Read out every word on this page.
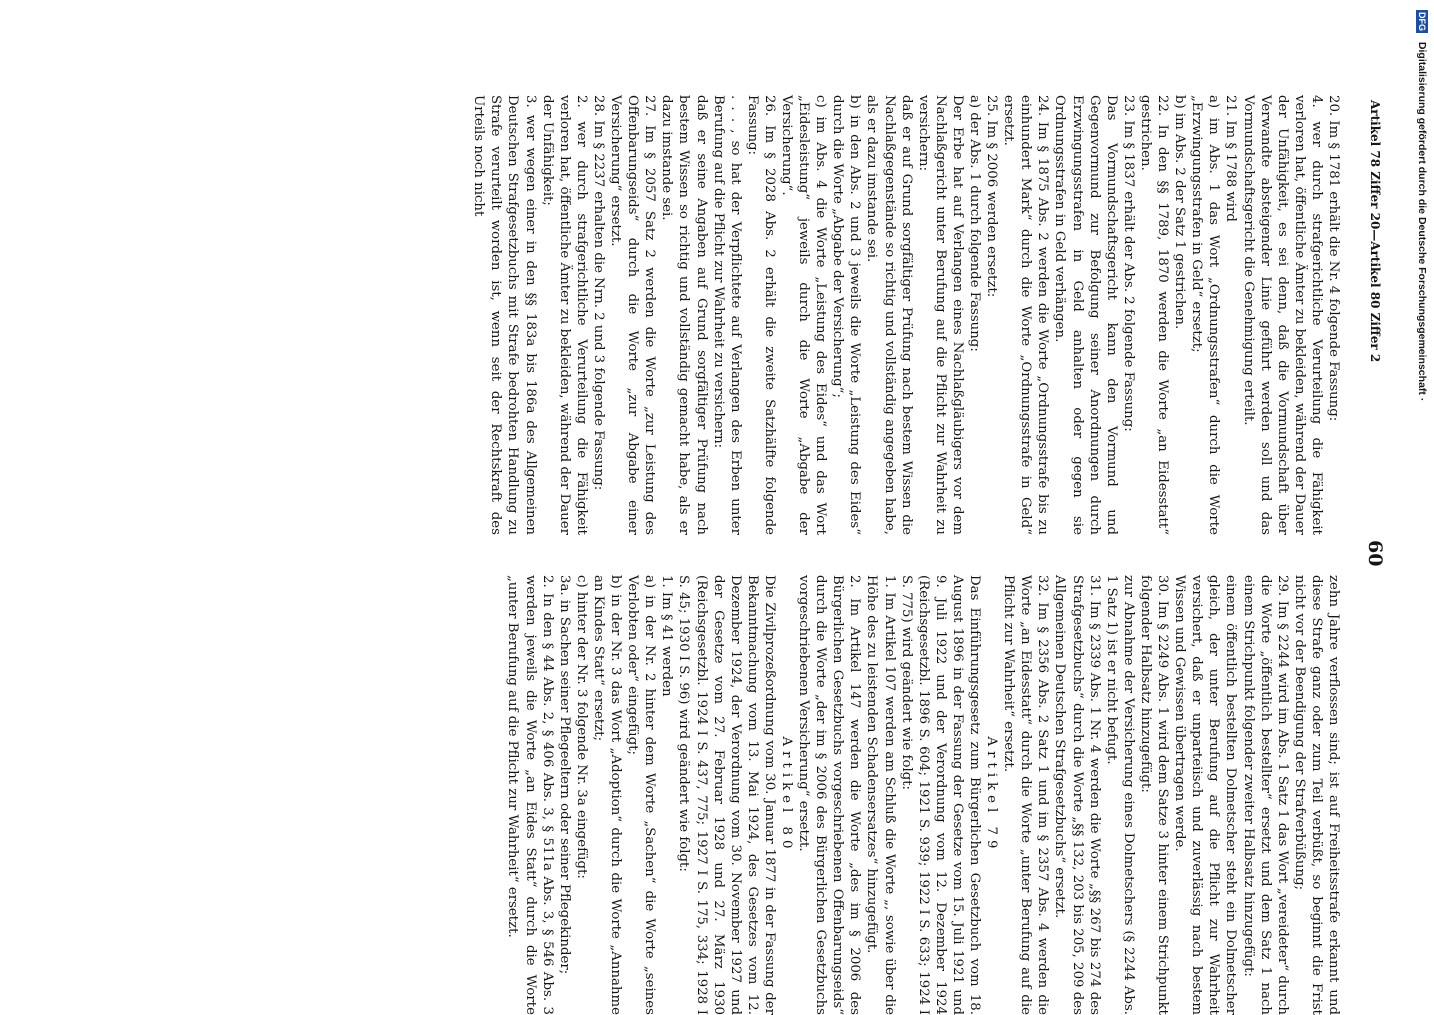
Artikel 78 Ziffer 20—Artikel 80 Ziffer 2
60

20. Im § 1781 erhält die Nr. 4 folgende Fassung:

4. wer durch strafgerichtliche Verurteilung die Fähigkeit verloren hat, öffentliche Ämter zu bekleiden, während der Dauer der Unfähigkeit, es sei denn, daß die Vormundschaft über Verwandte absteigender Linie geführt werden soll und das Vormundschaftsgericht die Genehmigung erteilt.

21. Im § 1788 wird

a) im Abs. 1 das Wort „Ordnungsstrafen“ durch die Worte „Erzwingungsstrafen in Geld“ ersetzt;

b) im Abs. 2 der Satz 1 gestrichen.

22. In den §§ 1789, 1870 werden die Worte „an Eidesstatt“ gestrichen.

23. Im § 1837 erhält der Abs. 2 folgende Fassung:

Das Vormundschaftsgericht kann den Vormund und Gegenvormund zur Befolgung seiner Anordnungen durch Erzwingungsstrafen in Geld anhalten oder gegen sie Ordnungsstrafen in Geld verhängen.

24. Im § 1875 Abs. 2 werden die Worte „Ordnungsstrafe bis zu einhundert Mark“ durch die Worte „Ordnungsstrafe in Geld“ ersetzt.

25. Im § 2006 werden ersetzt:

a) der Abs. 1 durch folgende Fassung:

Der Erbe hat auf Verlangen eines Nachlaßgläubigers vor dem Nachlaßgericht unter Berufung auf die Pflicht zur Wahrheit zu versichern:

daß er auf Grund sorgfältiger Prüfung nach bestem Wissen die Nachlaßgegenstände so richtig und vollständig angegeben habe, als er dazu imstande sei.

b) in den Abs. 2 und 3 jeweils die Worte „Leistung des Eides“ durch die Worte „Abgabe der Versicherung“;

c) im Abs. 4 die Worte „Leistung des Eides“ und das Wort „Eidesleistung“ jeweils durch die Worte „Abgabe der Versicherung“.

26. Im § 2028 Abs. 2 erhält die zweite Satzhälfte folgende Fassung:

. . . , so hat der Verpflichtete auf Verlangen des Erben unter Berufung auf die Pflicht zur Wahrheit zu versichern:

daß er seine Angaben auf Grund sorgfältiger Prüfung nach bestem Wissen so richtig und vollständig gemacht habe, als er dazu imstande sei.

27. Im § 2057 Satz 2 werden die Worte „zur Leistung des Offenbarungseids“ durch die Worte „zur Abgabe einer Versicherung“ ersetzt.

28. Im § 2237 erhalten die Nrn. 2 und 3 folgende Fassung:

2. wer durch strafgerichtliche Verurteilung die Fähigkeit verloren hat, öffentliche Ämter zu bekleiden, während der Dauer der Unfähigkeit;

3. wer wegen einer in den §§ 183a bis 186a des Allgemeinen Deutschen Strafgesetzbuchs mit Strafe bedrohten Handlung zu Strafe verurteilt worden ist, wenn seit der Rechtskraft des Urteils noch nicht

zehn Jahre verflossen sind; ist auf Freiheitsstrafe erkannt und diese Strafe ganz oder zum Teil verbüßt, so beginnt die Frist nicht vor der Beendigung der Strafverbüßung;

29. Im § 2244 wird im Abs. 1 Satz 1 das Wort „vereideter“ durch die Worte „öffentlich bestellter“ ersetzt und dem Satz 1 nach einem Strichpunkt folgender zweiter Halbsatz hinzugefügt:

einem öffentlich bestellten Dolmetscher steht ein Dolmetscher gleich, der unter Berufung auf die Pflicht zur Wahrheit versichert, daß er unparteiisch und zuverlässig nach bestem Wissen und Gewissen übertragen werde.

30. Im § 2249 Abs. 1 wird dem Satze 3 hinter einem Strichpunkt folgender Halbsatz hinzugefügt:

zur Abnahme der Versicherung eines Dolmetschers (§ 2244 Abs. 1 Satz 1) ist er nicht befugt.

31. Im § 2339 Abs. 1 Nr. 4 werden die Worte „§§ 267 bis 274 des Strafgesetzbuchs“ durch die Worte „§§ 132, 203 bis 205, 209 des Allgemeinen Deutschen Strafgesetzbuchs“ ersetzt.

32. Im § 2356 Abs. 2 Satz 1 und im § 2357 Abs. 4 werden die Worte „an Eidesstatt“ durch die Worte „unter Berufung auf die Pflicht zur Wahrheit“ ersetzt.

Artikel 79

Das Einführungsgesetz zum Bürgerlichen Gesetzbuch vom 18. August 1896 in der Fassung der Gesetze vom 15. Juli 1921 und 9. Juli 1922 und der Verordnung vom 12. Dezember 1924 (Reichsgesetzbl. 1896 S. 604; 1921 S. 939; 1922 I S. 633; 1924 I S. 775) wird geändert wie folgt:

1. Im Artikel 107 werden am Schluß die Worte „, sowie über die Höhe des zu leistenden Schadensersatzes“ hinzugefügt.

2. Im Artikel 147 werden die Worte „des im § 2006 des Bürgerlichen Gesetzbuchs vorgeschriebenen Offenbarungseids“ durch die Worte „der im § 2006 des Bürgerlichen Gesetzbuchs vorgeschriebenen Versicherung“ ersetzt.

Artikel 80

Die Zivilprozeßordnung vom 30. Januar 1877 in der Fassung der Bekanntmachung vom 13. Mai 1924, des Gesetzes vom 12. Dezember 1924, der Verordnung vom 30. November 1927 und der Gesetze vom 27. Februar 1928 und 27. März 1930 (Reichsgesetzbl. 1924 I S. 437, 775; 1927 I S. 175, 334; 1928 I S. 45; 1930 I S. 96) wird geändert wie folgt:

1. Im § 41 werden

a) in der Nr. 2 hinter dem Worte „Sachen“ die Worte „seines Verlobten oder“ eingefügt;

b) in der Nr. 3 das Wort „Adoption“ durch die Worte „Annahme an Kindes Statt“ ersetzt;

c) hinter der Nr. 3 folgende Nr. 3a eingefügt:

3a. in Sachen seiner Pflegeeltern oder seiner Pflegekinder;

2. In den § 44 Abs. 2, § 406 Abs. 3, § 511a Abs. 3, § 546 Abs. 3 werden jeweils die Worte „an Eides Statt“ durch die Worte „unter Berufung auf die Pflicht zur Wahrheit“ ersetzt.

DFG Digitalisierung gefördert durch die Deutsche Forschungsgemeinschaft ·
